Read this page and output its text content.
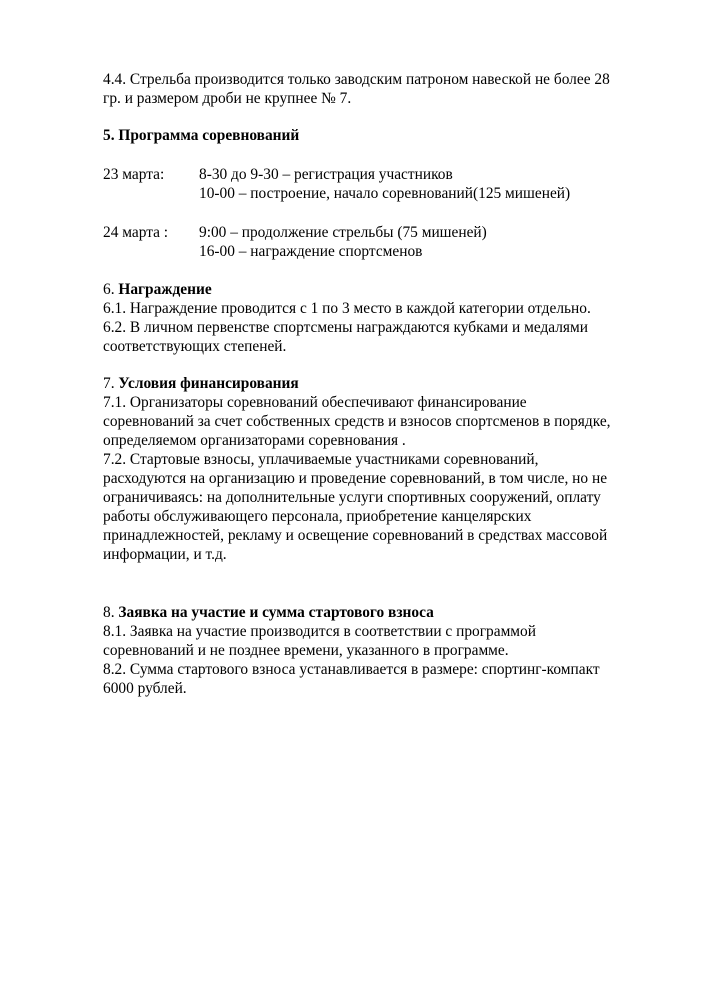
4.4. Стрельба производится только заводским патроном навеской не более 28
гр. и размером дроби не крупнее № 7.
5. Программа соревнований
23 марта: 8-30 до 9-30 – регистрация участников
10-00 – построение, начало соревнований(125 мишеней)
24 марта : 9:00 – продолжение стрельбы (75 мишеней)
16-00 – награждение спортсменов
6. Награждение
6.1. Награждение проводится с 1 по 3 место в каждой категории отдельно.
6.2. В личном первенстве спортсмены награждаются кубками и медалями
соответствующих степеней.
7. Условия финансирования
7.1. Организаторы соревнований обеспечивают финансирование
соревнований за счет собственных средств и взносов спортсменов в порядке,
определяемом организаторами соревнования .
7.2. Стартовые взносы, уплачиваемые участниками соревнований,
расходуются на организацию и проведение соревнований, в том числе, но не
ограничиваясь: на дополнительные услуги спортивных сооружений, оплату
работы обслуживающего персонала, приобретение канцелярских
принадлежностей, рекламу и освещение соревнований в средствах массовой
информации, и т.д.
8. Заявка на участие и сумма стартового взноса
8.1. Заявка на участие производится в соответствии с программой
соревнований и не позднее времени, указанного в программе.
8.2. Сумма стартового взноса устанавливается в размере: спортинг-компакт
6000 рублей.
